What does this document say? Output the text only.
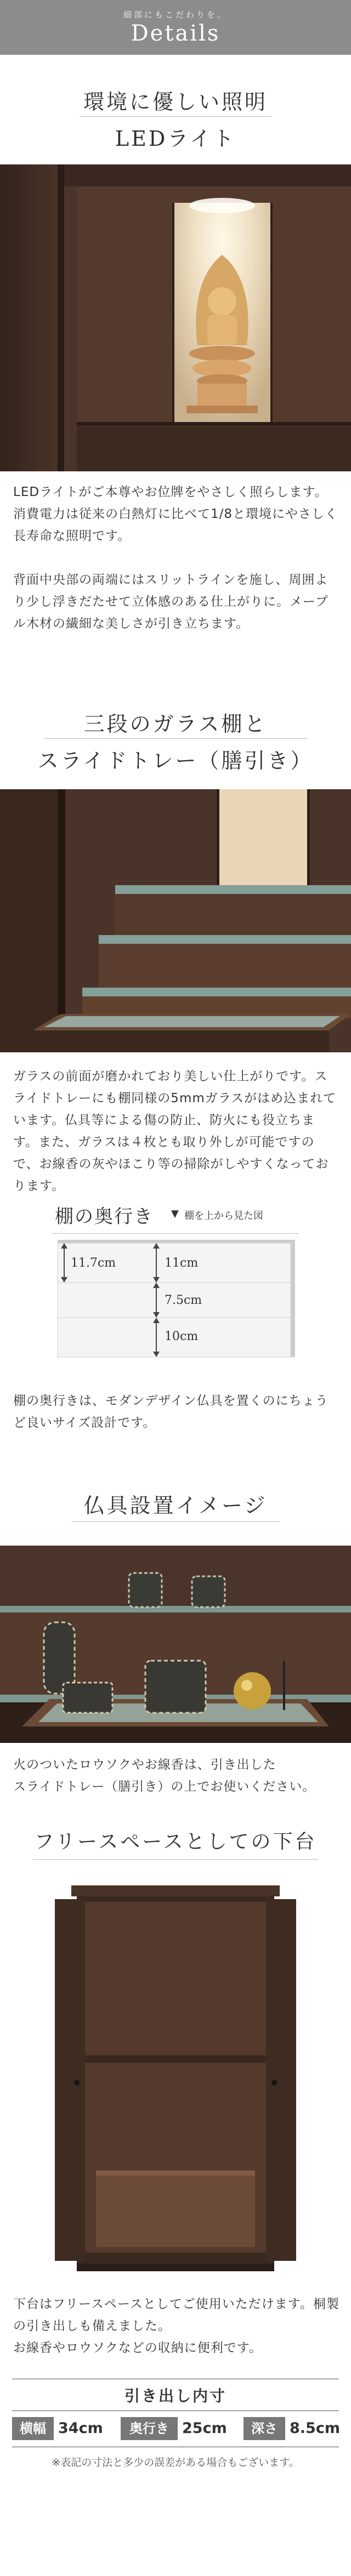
細部にもこだわりを。
Details
環境に優しい照明
LEDライト

LEDライトがご本尊やお位牌をやさしく照らします。消費電力は従来の白熱灯に比べて1/8と環境にやさしく長寿命な照明です。

背面中央部の両端にはスリットラインを施し、周囲より少し浮きだたせて立体感のある仕上がりに。メープル木材の繊細な美しさが引き立ちます。

三段のガラス棚と
スライドトレー（膳引き）

ガラスの前面が磨かれており美しい仕上がりです。スライドトレーにも棚同様の5mmガラスがはめ込まれています。仏具等による傷の防止、防火にも役立ちます。また、ガラスは４枚とも取り外しが可能ですので、お線香の灰やほこり等の掃除がしやすくなっております。

棚の奥行き ▼ 棚を上から見た図
11.7cm	11cm
7.5cm
10cm

棚の奥行きは、モダンデザイン仏具を置くのにちょうど良いサイズ設計です。

仏具設置イメージ

火のついたロウソクやお線香は、引き出した
スライドトレー（膳引き）の上でお使いください。

フリースペースとしての下台

下台はフリースペースとしてご使用いただけます。桐製の引き出しも備えました。
お線香やロウソクなどの収納に便利です。

引き出し内寸
横幅 34cm	奥行き 25cm	深さ 8.5cm
※表記の寸法と多少の誤差がある場合もございます。
